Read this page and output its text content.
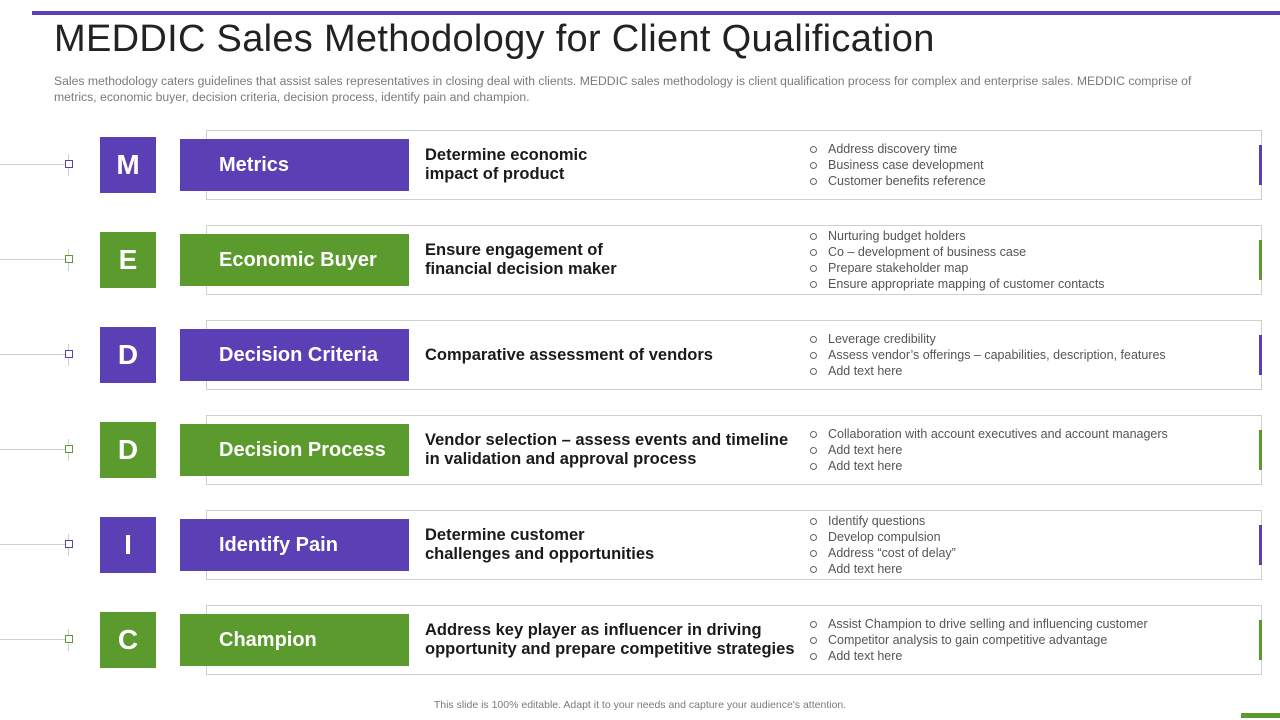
MEDDIC Sales Methodology for Client Qualification

Sales methodology caters guidelines that assist sales representatives in closing deal with clients. MEDDIC sales methodology is client qualification process for complex and enterprise sales. MEDDIC comprise of metrics, economic buyer, decision criteria, decision process, identify pain and champion.

M	Metrics	Determine economic
impact of product
Address discovery time
Business case development
Customer benefits reference
E	Economic Buyer	Ensure engagement of
financial decision maker
Nurturing budget holders
Co – development of business case
Prepare stakeholder map
Ensure appropriate mapping of customer contacts
D	Decision Criteria	Comparative assessment of vendors
Leverage credibility
Assess vendor’s offerings – capabilities, description, features
Add text here
D	Decision Process	Vendor selection – assess events and timeline
in validation and approval process
Collaboration with account executives and account managers
Add text here
Add text here
I	Identify Pain	Determine customer
challenges and opportunities
Identify questions
Develop compulsion
Address “cost of delay”
Add text here
C	Champion	Address key player as influencer in driving
opportunity and prepare competitive strategies
Assist Champion to drive selling and influencing customer
Competitor analysis to gain competitive advantage
Add text here
This slide is 100% editable. Adapt it to your needs and capture your audience's attention.
